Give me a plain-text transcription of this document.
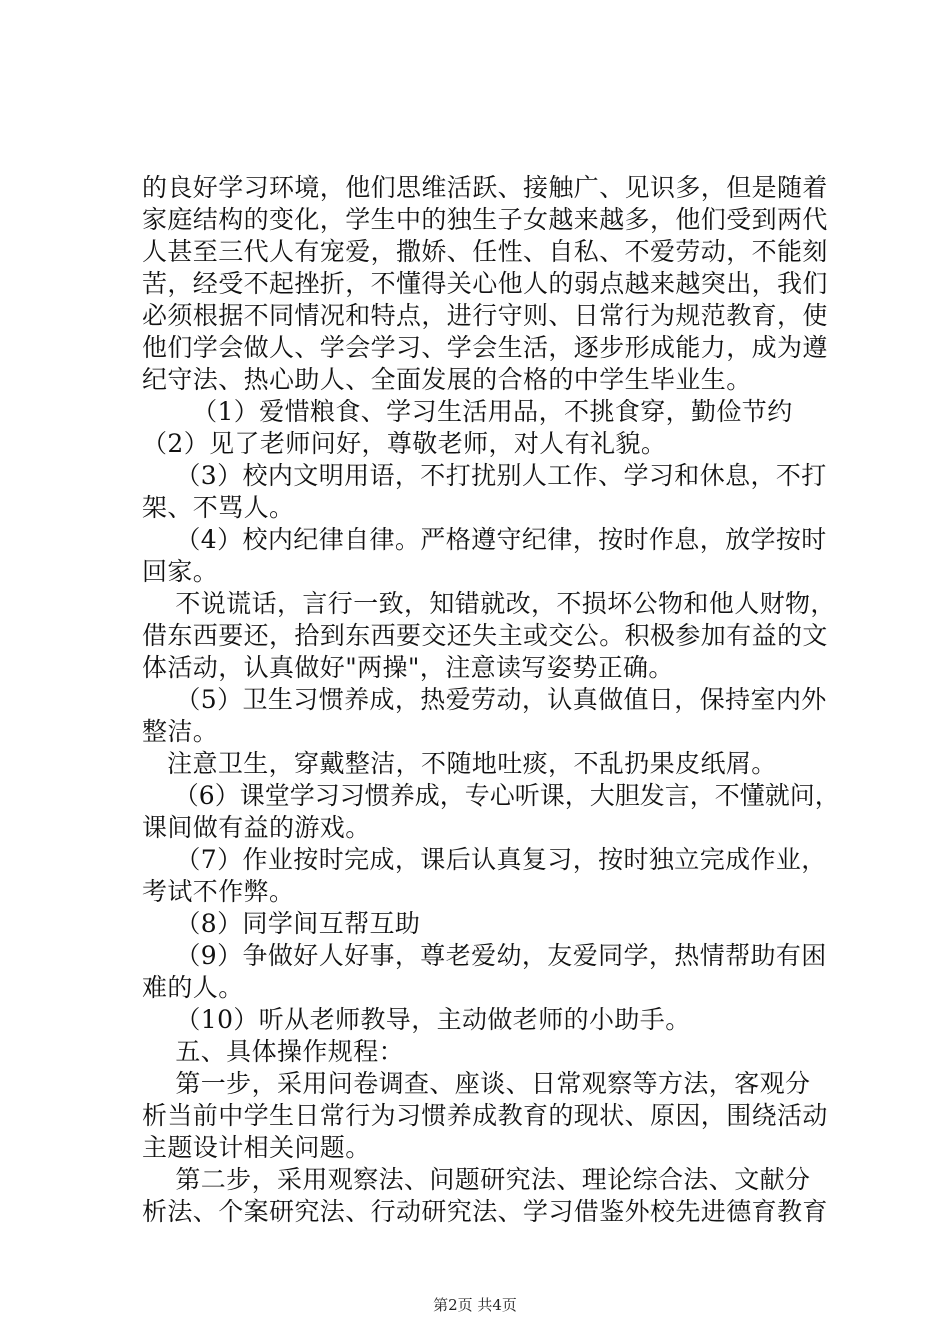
的良好学习环境，他们思维活跃、接触广、见识多，但是随着
家庭结构的变化，学生中的独生子女越来越多，他们受到两代
人甚至三代人有宠爱，撒娇、任性、自私、不爱劳动，不能刻
苦，经受不起挫折，不懂得关心他人的弱点越来越突出，我们
必须根据不同情况和特点，进行守则、日常行为规范教育，使
他们学会做人、学会学习、学会生活，逐步形成能力，成为遵
纪守法、热心助人、全面发展的合格的中学生毕业生。
（1）爱惜粮食、学习生活用品，不挑食穿，勤俭节约
（2）见了老师问好，尊敬老师，对人有礼貌。
（3）校内文明用语，不打扰别人工作、学习和休息，不打
架、不骂人。
（4）校内纪律自律。严格遵守纪律，按时作息，放学按时
回家。
不说谎话，言行一致，知错就改，不损坏公物和他人财物，
借东西要还，拾到东西要交还失主或交公。积极参加有益的文
体活动，认真做好"两操"，注意读写姿势正确。
（5）卫生习惯养成，热爱劳动，认真做值日，保持室内外
整洁。
注意卫生，穿戴整洁，不随地吐痰，不乱扔果皮纸屑。
（6）课堂学习习惯养成，专心听课，大胆发言，不懂就问，
课间做有益的游戏。
（7）作业按时完成，课后认真复习，按时独立完成作业，
考试不作弊。
（8）同学间互帮互助
（9）争做好人好事，尊老爱幼，友爱同学，热情帮助有困
难的人。
（10）听从老师教导，主动做老师的小助手。
五、具体操作规程：
第一步，采用问卷调查、座谈、日常观察等方法，客观分
析当前中学生日常行为习惯养成教育的现状、原因，围绕活动
主题设计相关问题。
第二步，采用观察法、问题研究法、理论综合法、文献分
析法、个案研究法、行动研究法、学习借鉴外校先进德育教育
第2页 共4页
